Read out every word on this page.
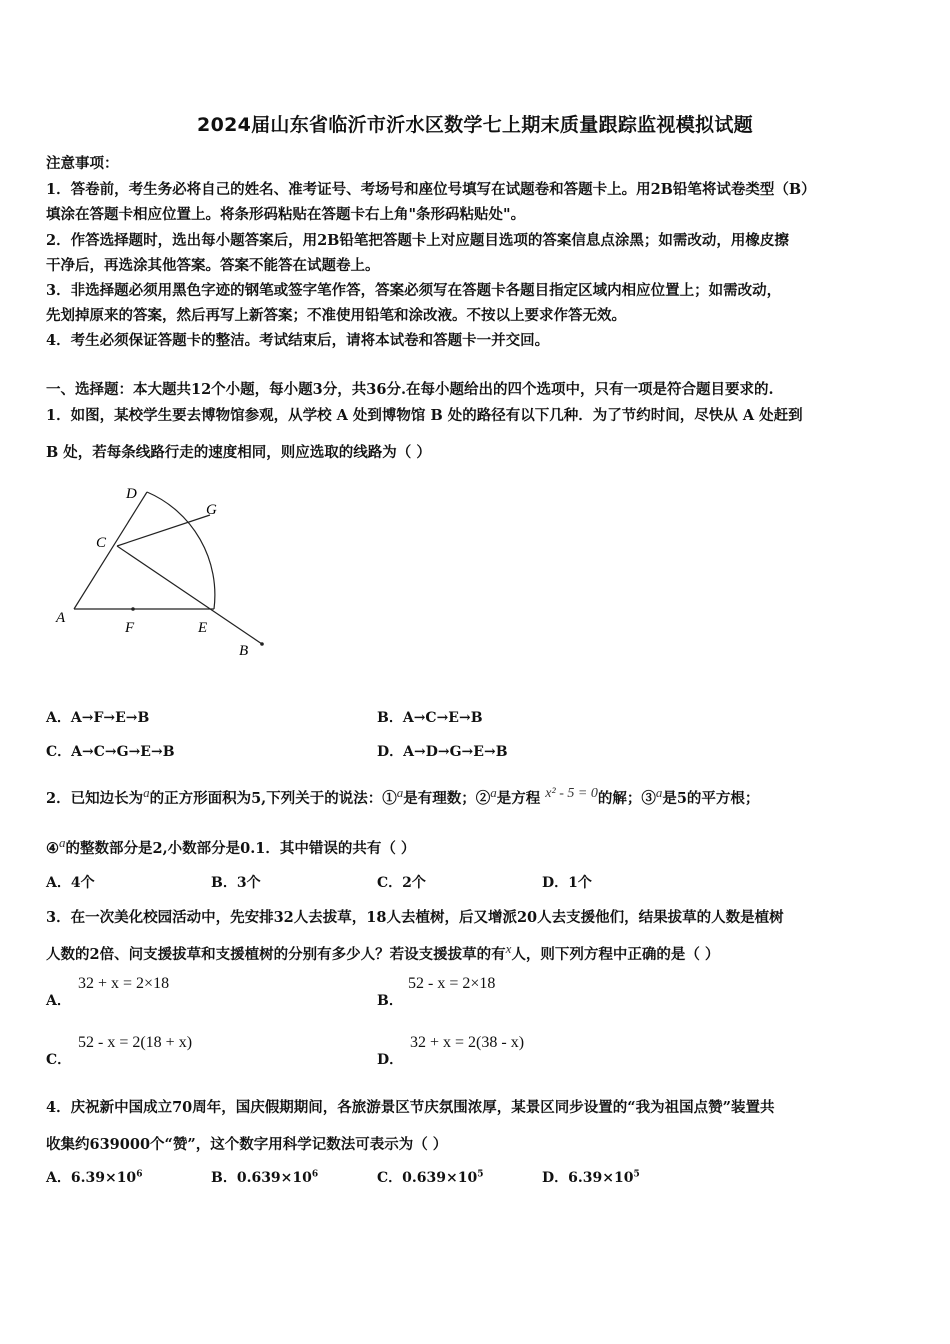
2024届山东省临沂市沂水区数学七上期末质量跟踪监视模拟试题
注意事项：
1．答卷前，考生务必将自己的姓名、准考证号、考场号和座位号填写在试题卷和答题卡上。用2B铅笔将试卷类型（B）
填涂在答题卡相应位置上。将条形码粘贴在答题卡右上角"条形码粘贴处"。
2．作答选择题时，选出每小题答案后，用2B铅笔把答题卡上对应题目选项的答案信息点涂黑；如需改动，用橡皮擦
干净后，再选涂其他答案。答案不能答在试题卷上。
3．非选择题必须用黑色字迹的钢笔或签字笔作答，答案必须写在答题卡各题目指定区域内相应位置上；如需改动，
先划掉原来的答案，然后再写上新答案；不准使用铅笔和涂改液。不按以上要求作答无效。
4．考生必须保证答题卡的整洁。考试结束后，请将本试卷和答题卡一并交回。
一、选择题：本大题共12个小题，每小题3分，共36分.在每小题给出的四个选项中，只有一项是符合题目要求的.
1．如图，某校学生要去博物馆参观，从学校 A 处到博物馆 B 处的路径有以下几种．为了节约时间，尽快从 A 处赶到
B 处，若每条线路行走的速度相同，则应选取的线路为（ ）
D
G
C
A
F	E
B
A．A→F→E→B	B．A→C→E→B
C．A→C→G→E→B	D．A→D→G→E→B
2．已知边长为a的正方形面积为5,下列关于的说法：①a是有理数；②a是方程 x² - 5 = 0的解；③a是5的平方根；
④a的整数部分是2,小数部分是0.1．其中错误的共有（ ）
A．4个	B．3个	C．2个	D．1个
3．在一次美化校园活动中，先安排32人去拔草，18人去植树，后又增派20人去支援他们，结果拔草的人数是植树
人数的2倍、问支援拔草和支援植树的分别有多少人？若设支援拔草的有x人，则下列方程中正确的是（ ）
A．
32 + x = 2×18
B．
52 - x = 2×18
C．
52 - x = 2(18 + x)
D．
32 + x = 2(38 - x)
4．庆祝新中国成立70周年，国庆假期期间，各旅游景区节庆氛围浓厚，某景区同步设置的“我为祖国点赞”装置共
收集约639000个“赞”，这个数字用科学记数法可表示为（ ）
A．$6.39\times 10^6$	B．$0.639\times 10^6$	C．$0.639\times 10^5$	D．$6.39\times 10^5$
